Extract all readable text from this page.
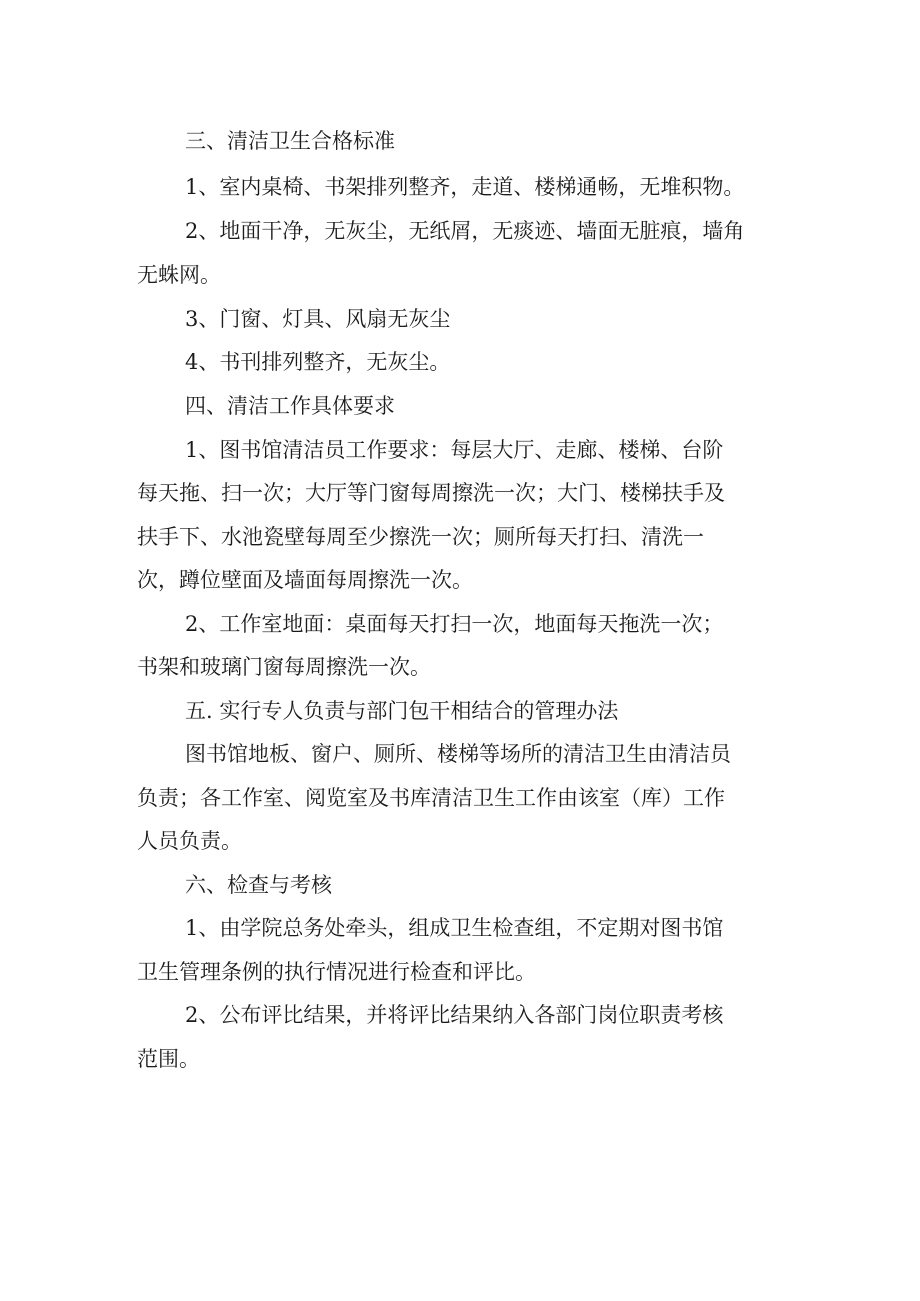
三、清洁卫生合格标准
1、室内桌椅、书架排列整齐，走道、楼梯通畅，无堆积物。
2、地面干净，无灰尘，无纸屑，无痰迹、墙面无脏痕，墙角
无蛛网。
3、门窗、灯具、风扇无灰尘
4、书刊排列整齐，无灰尘。
四、清洁工作具体要求
1、图书馆清洁员工作要求：每层大厅、走廊、楼梯、台阶
每天拖、扫一次；大厅等门窗每周擦洗一次；大门、楼梯扶手及
扶手下、水池瓷壁每周至少擦洗一次；厕所每天打扫、清洗一
次，蹲位壁面及墙面每周擦洗一次。
2、工作室地面：桌面每天打扫一次，地面每天拖洗一次；
书架和玻璃门窗每周擦洗一次。
五. 实行专人负责与部门包干相结合的管理办法
图书馆地板、窗户、厕所、楼梯等场所的清洁卫生由清洁员
负责；各工作室、阅览室及书库清洁卫生工作由该室（库）工作
人员负责。
六、检查与考核
1、由学院总务处牵头，组成卫生检查组，不定期对图书馆
卫生管理条例的执行情况进行检查和评比。
2、公布评比结果，并将评比结果纳入各部门岗位职责考核
范围。
